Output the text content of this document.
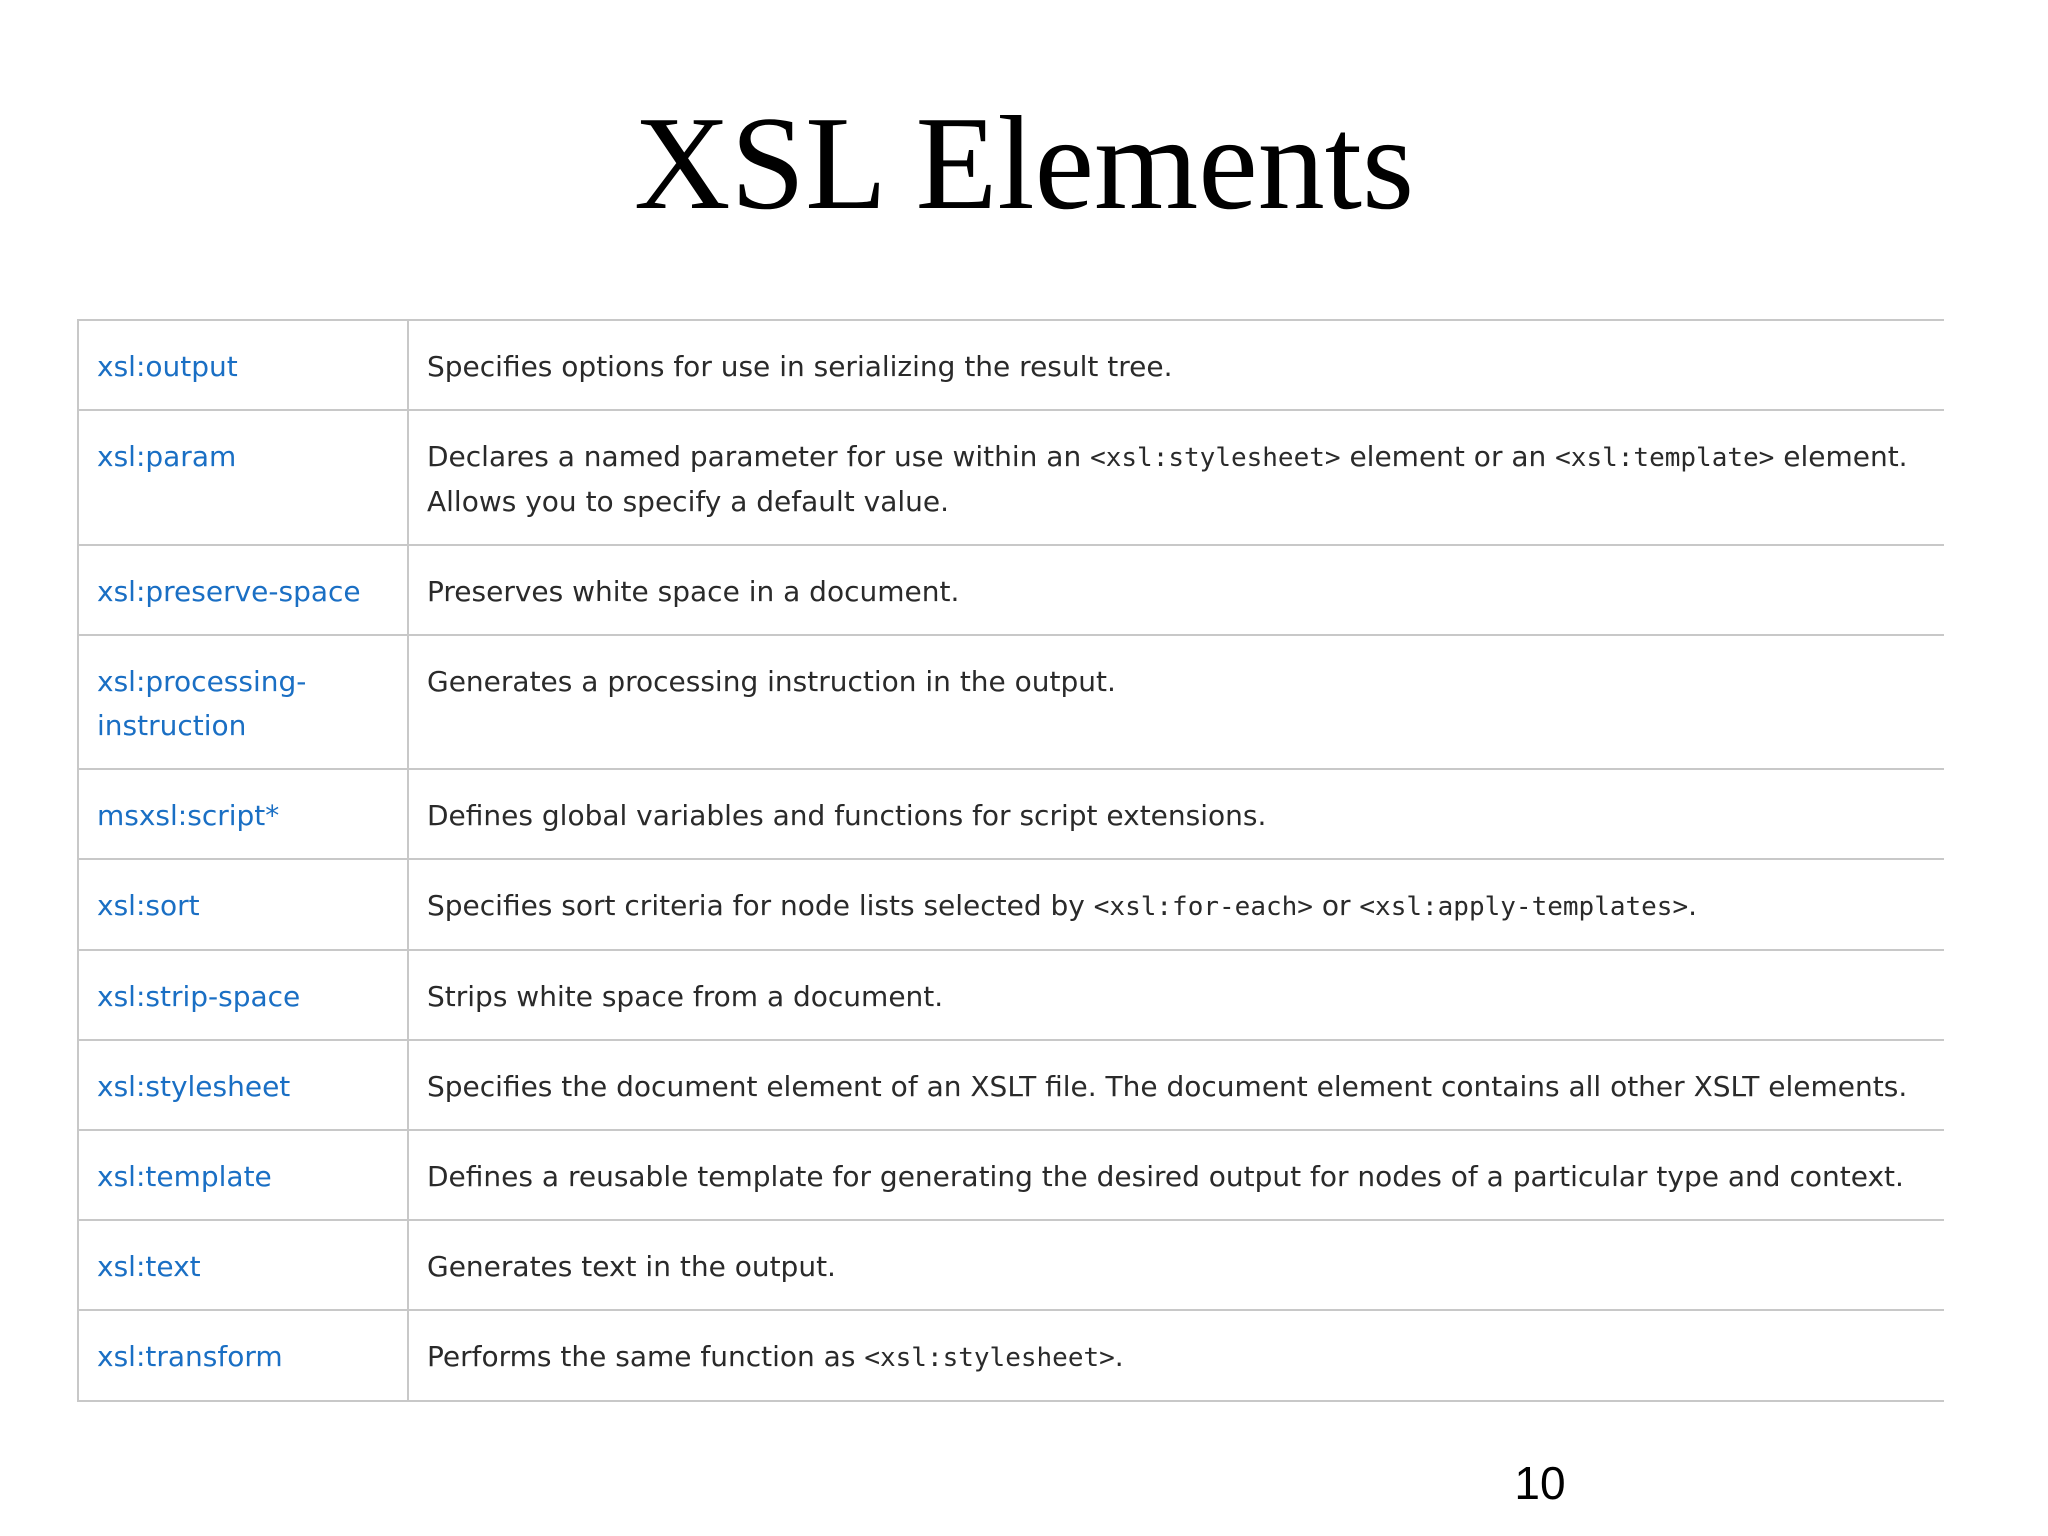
XSL Elements
xsl:output	Specifies options for use in serializing the result tree.
xsl:param	Declares a named parameter for use within an <xsl:stylesheet> element or an <xsl:template> element. Allows you to specify a default value.
xsl:preserve-space	Preserves white space in a document.
xsl:processing-instruction	Generates a processing instruction in the output.
msxsl:script*	Defines global variables and functions for script extensions.
xsl:sort	Specifies sort criteria for node lists selected by <xsl:for-each> or <xsl:apply-templates>.
xsl:strip-space	Strips white space from a document.
xsl:stylesheet	Specifies the document element of an XSLT file. The document element contains all other XSLT elements.
xsl:template	Defines a reusable template for generating the desired output for nodes of a particular type and context.
xsl:text	Generates text in the output.
xsl:transform	Performs the same function as <xsl:stylesheet>.
10
